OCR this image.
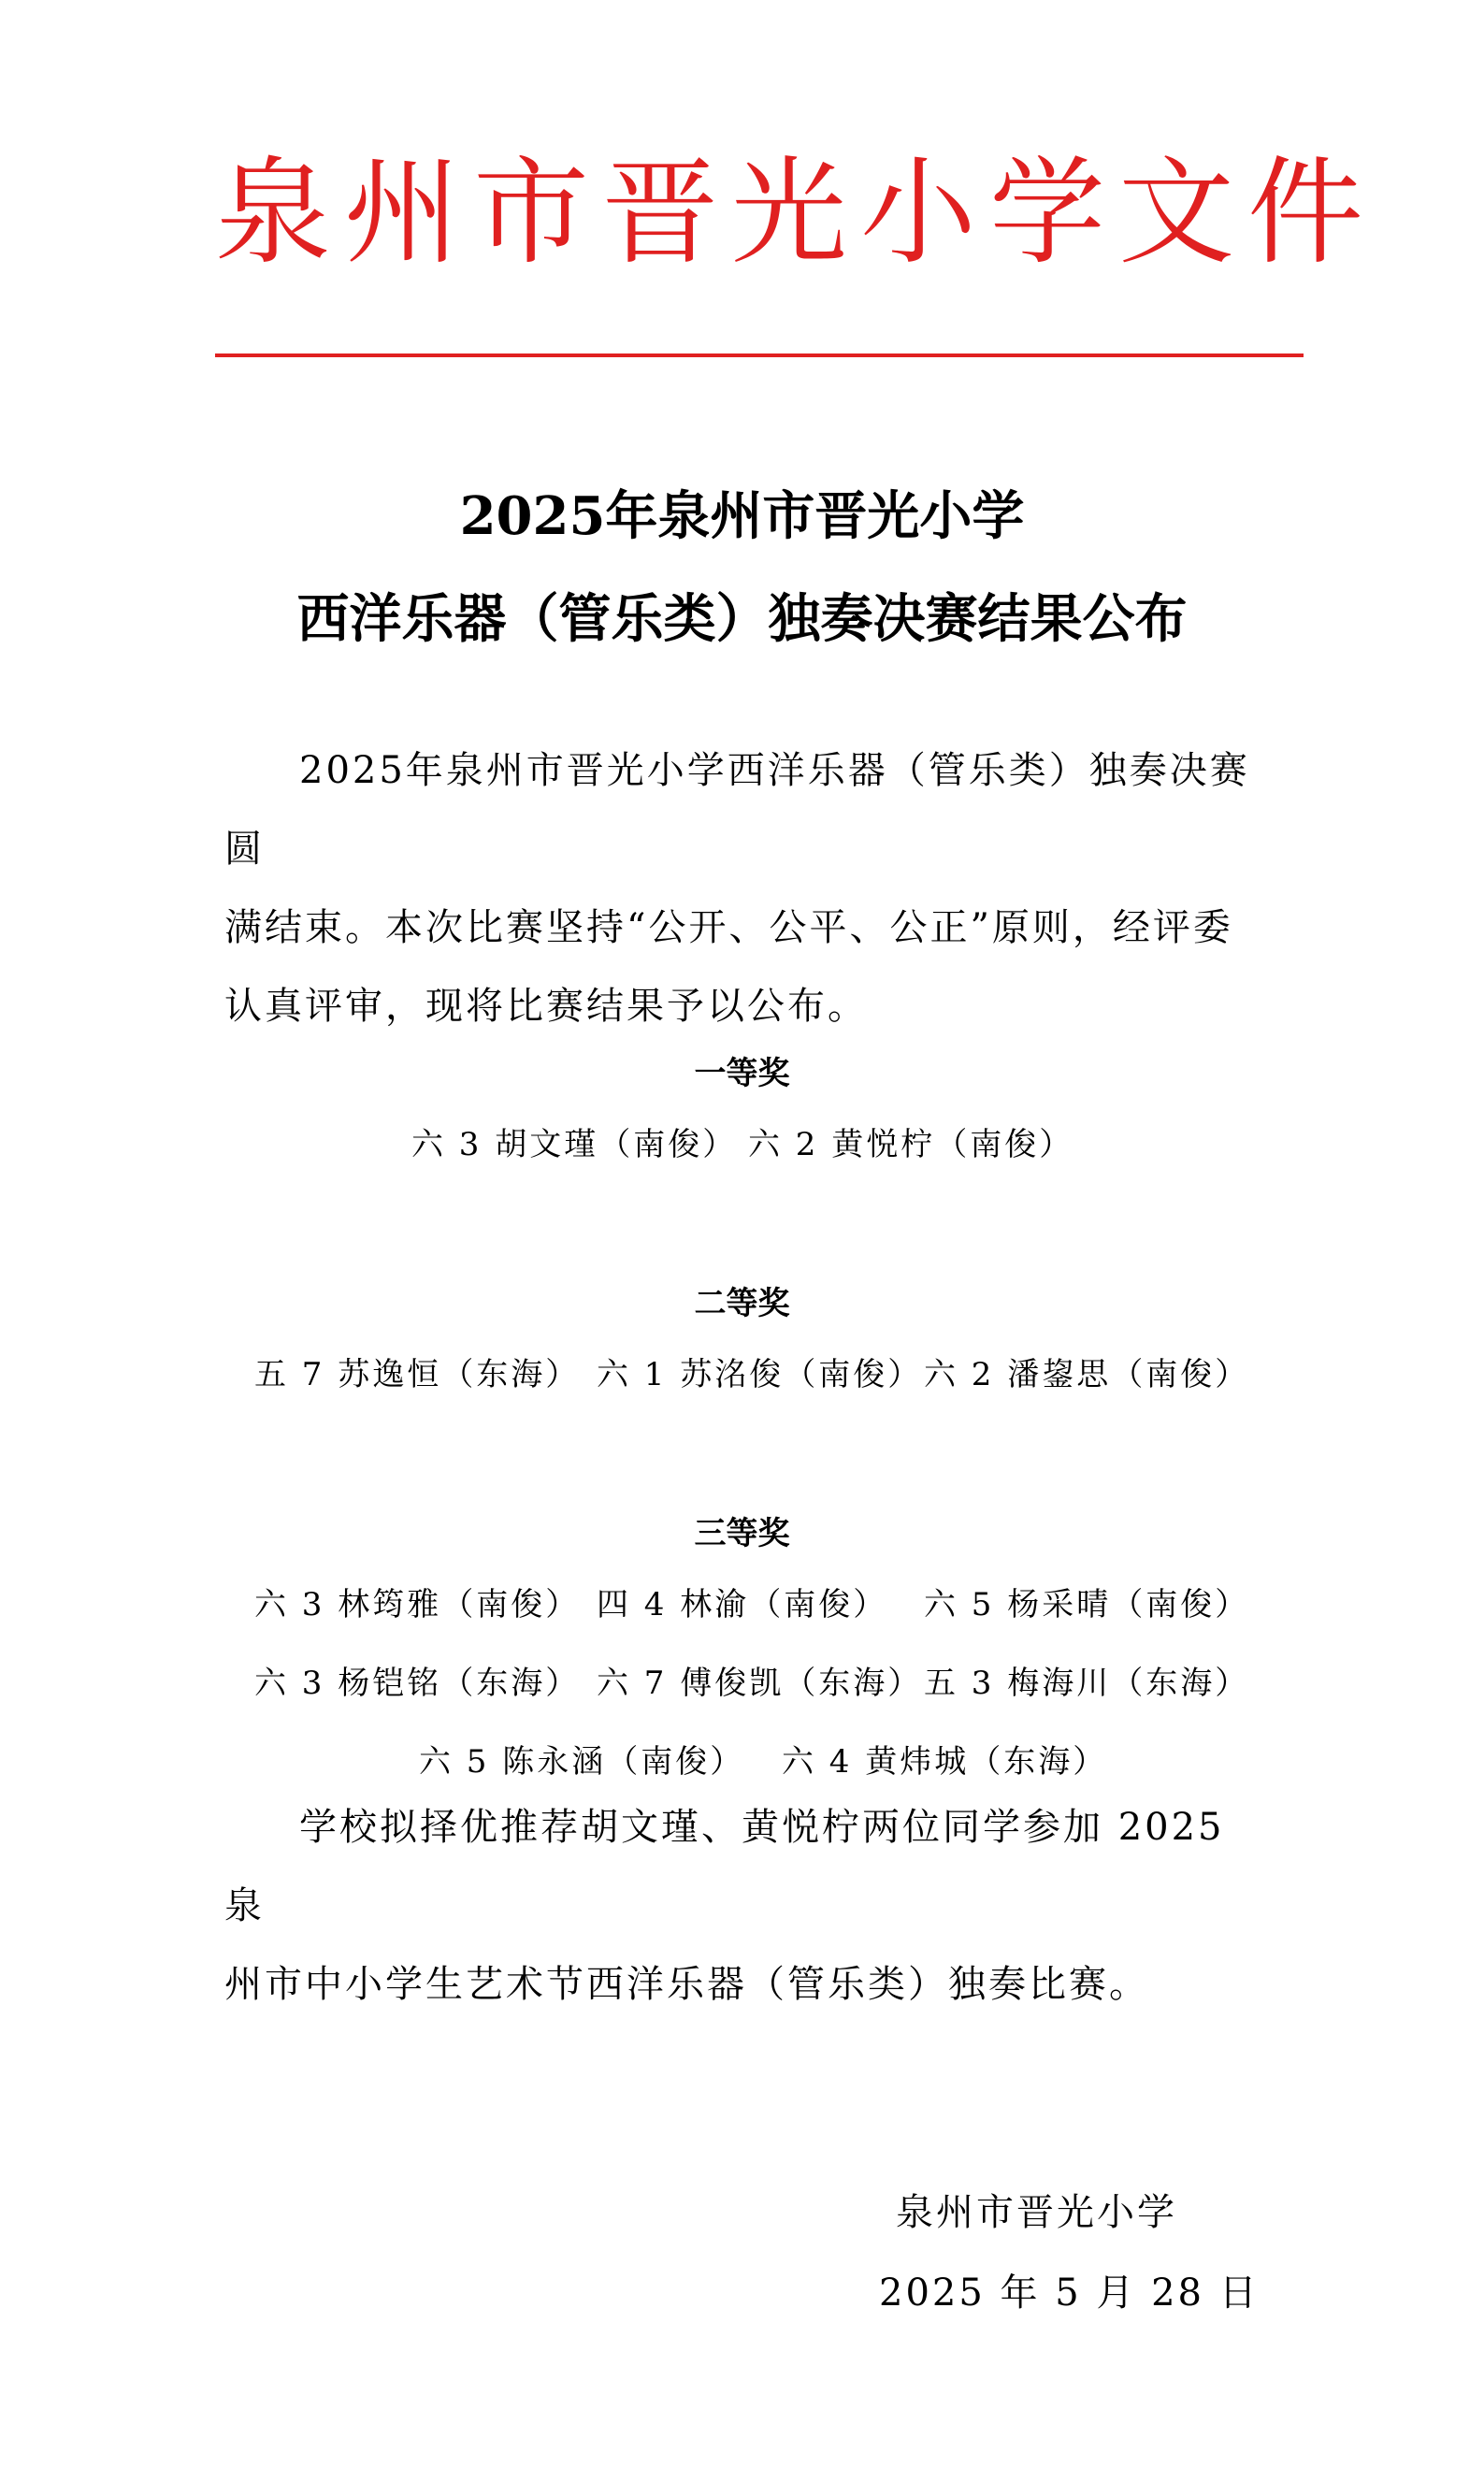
泉州市晋光小学文件
2025年泉州市晋光小学
西洋乐器（管乐类）独奏决赛结果公布
2025年泉州市晋光小学西洋乐器（管乐类）独奏决赛圆
满结束。本次比赛坚持“公开、公平、公正”原则，经评委
认真评审，现将比赛结果予以公布。
一等奖
六 3 胡文瑾（南俊） 六 2 黄悦柠（南俊）
二等奖
五 7 苏逸恒（东海） 六 1 苏洺俊（南俊）六 2 潘鋆思（南俊）
三等奖
六 3 林筠雅（南俊） 四 4 林渝（南俊） 六 5 杨采晴（南俊）
六 3 杨铠铭（东海） 六 7 傅俊凯（东海）五 3 梅海川（东海）
六 5 陈永涵（南俊） 六 4 黄炜城（东海）
学校拟择优推荐胡文瑾、黄悦柠两位同学参加 2025 泉
州市中小学生艺术节西洋乐器（管乐类）独奏比赛。
泉州市晋光小学
2025 年 5 月 28 日
